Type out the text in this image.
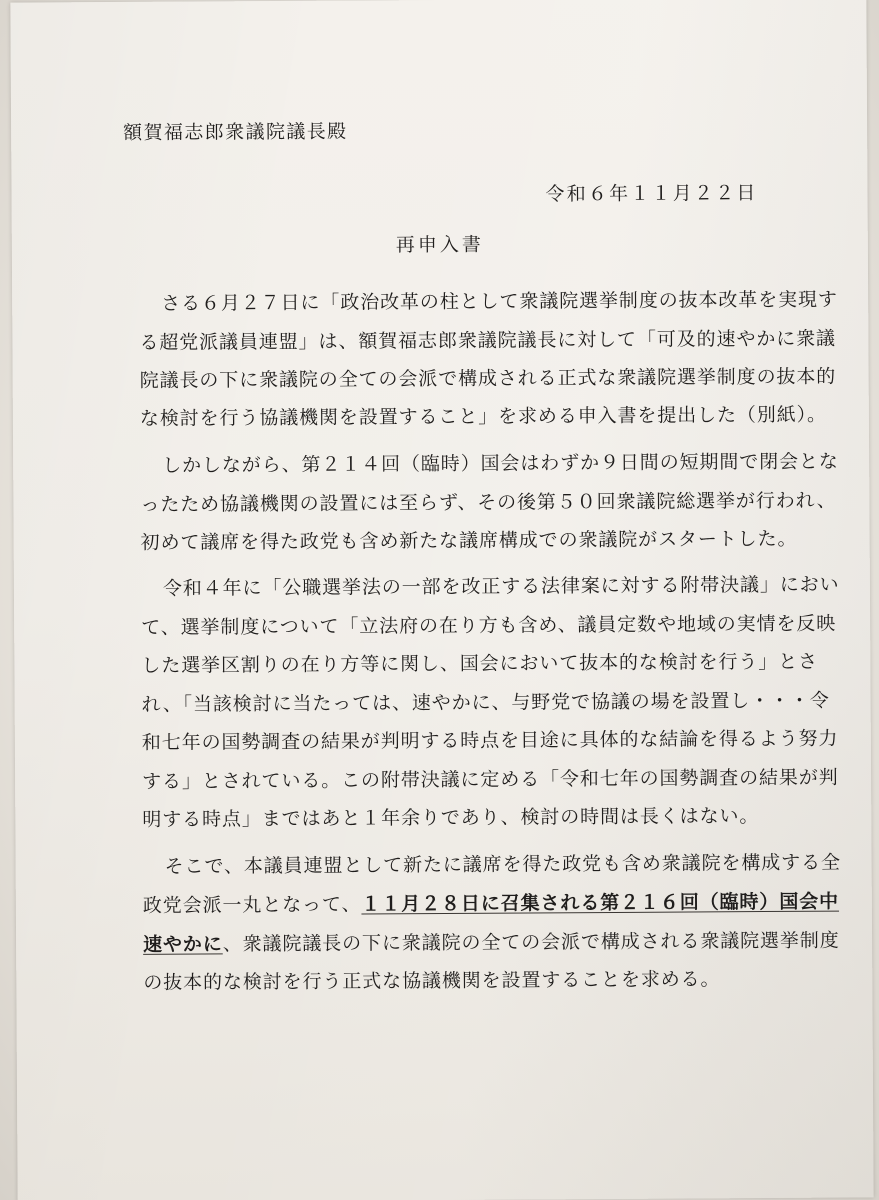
額賀福志郎衆議院議長殿
令和６年１１月２２日
再申入書
さる６月２７日に「政治改革の柱として衆議院選挙制度の抜本改革を実現す
る超党派議員連盟」は、額賀福志郎衆議院議長に対して「可及的速やかに衆議
院議長の下に衆議院の全ての会派で構成される正式な衆議院選挙制度の抜本的
な検討を行う協議機関を設置すること」を求める申入書を提出した（別紙）。
しかしながら、第２１４回（臨時）国会はわずか９日間の短期間で閉会とな
ったため協議機関の設置には至らず、その後第５０回衆議院総選挙が行われ、
初めて議席を得た政党も含め新たな議席構成での衆議院がスタートした。
令和４年に「公職選挙法の一部を改正する法律案に対する附帯決議」におい
て、選挙制度について「立法府の在り方も含め、議員定数や地域の実情を反映
した選挙区割りの在り方等に関し、国会において抜本的な検討を行う」とさ
れ、「当該検討に当たっては、速やかに、与野党で協議の場を設置し・・・令
和七年の国勢調査の結果が判明する時点を目途に具体的な結論を得るよう努力
する」とされている。この附帯決議に定める「令和七年の国勢調査の結果が判
明する時点」まではあと１年余りであり、検討の時間は長くはない。
そこで、本議員連盟として新たに議席を得た政党も含め衆議院を構成する全
政党会派一丸となって、１１月２８日に召集される第２１６回（臨時）国会中
速やかに、衆議院議長の下に衆議院の全ての会派で構成される衆議院選挙制度
の抜本的な検討を行う正式な協議機関を設置することを求める。
